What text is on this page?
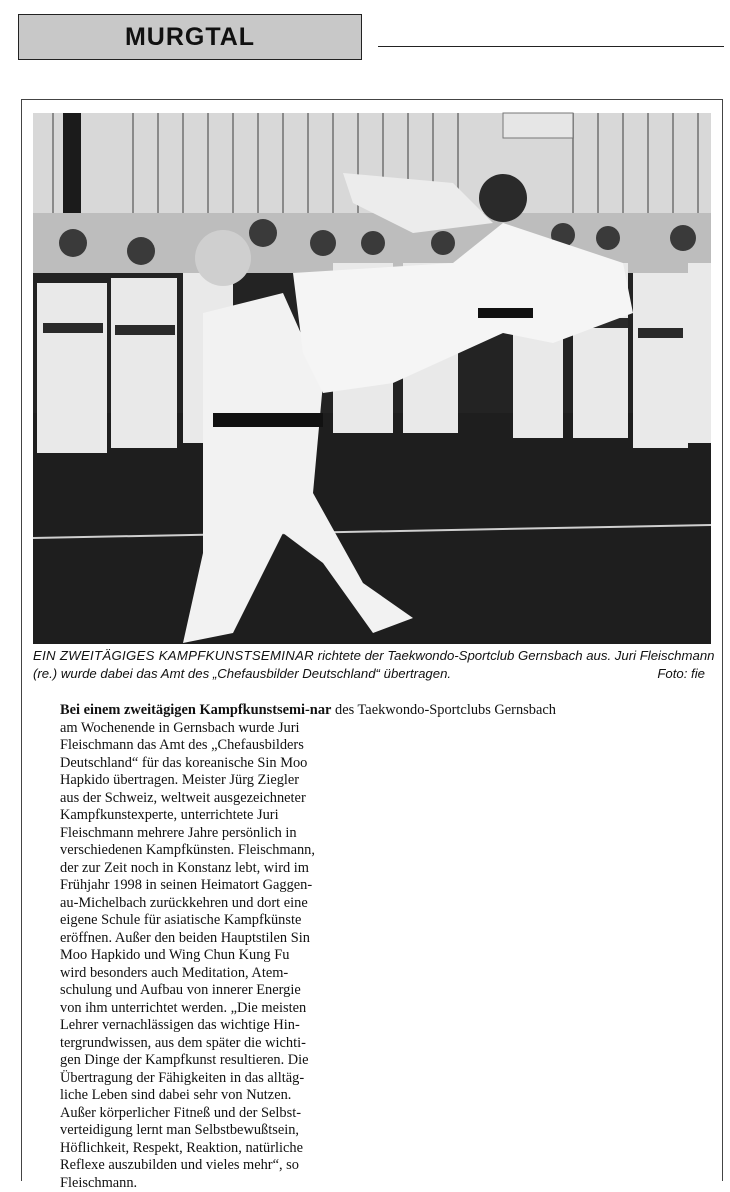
MURGTAL

EIN ZWEITÄGIGES KAMPFKUNSTSEMINAR richtete der Taekwondo-Sportclub Gernsbach aus. Juri Fleischmann (re.) wurde dabei das Amt des „Chefausbilder Deutschland“ übertragen.	Foto: fie

Bei einem zweitägigen Kampfkunstsemi-nar des Taekwondo-Sportclubs Gernsbach
am Wochenende in Gernsbach wurde Juri
Fleischmann das Amt des „Chefausbilders
Deutschland“ für das koreanische Sin Moo
Hapkido übertragen. Meister Jürg Ziegler
aus der Schweiz, weltweit ausgezeichneter
Kampfkunstexperte, unterrichtete Juri
Fleischmann mehrere Jahre persönlich in
verschiedenen Kampfkünsten. Fleischmann,
der zur Zeit noch in Konstanz lebt, wird im
Frühjahr 1998 in seinen Heimatort Gaggen-
au-Michelbach zurückkehren und dort eine
eigene Schule für asiatische Kampfkünste
eröffnen. Außer den beiden Hauptstilen Sin
Moo Hapkido und Wing Chun Kung Fu
wird besonders auch Meditation, Atem-
schulung und Aufbau von innerer Energie
von ihm unterrichtet werden. „Die meisten
Lehrer vernachlässigen das wichtige Hin-
tergrundwissen, aus dem später die wichti-
gen Dinge der Kampfkunst resultieren. Die
Übertragung der Fähigkeiten in das alltäg-
liche Leben sind dabei sehr von Nutzen.
Außer körperlicher Fitneß und der Selbst-
verteidigung lernt man Selbstbewußtsein,
Höflichkeit, Respekt, Reaktion, natürliche
Reflexe auszubilden und vieles mehr“, so
Fleischmann.
